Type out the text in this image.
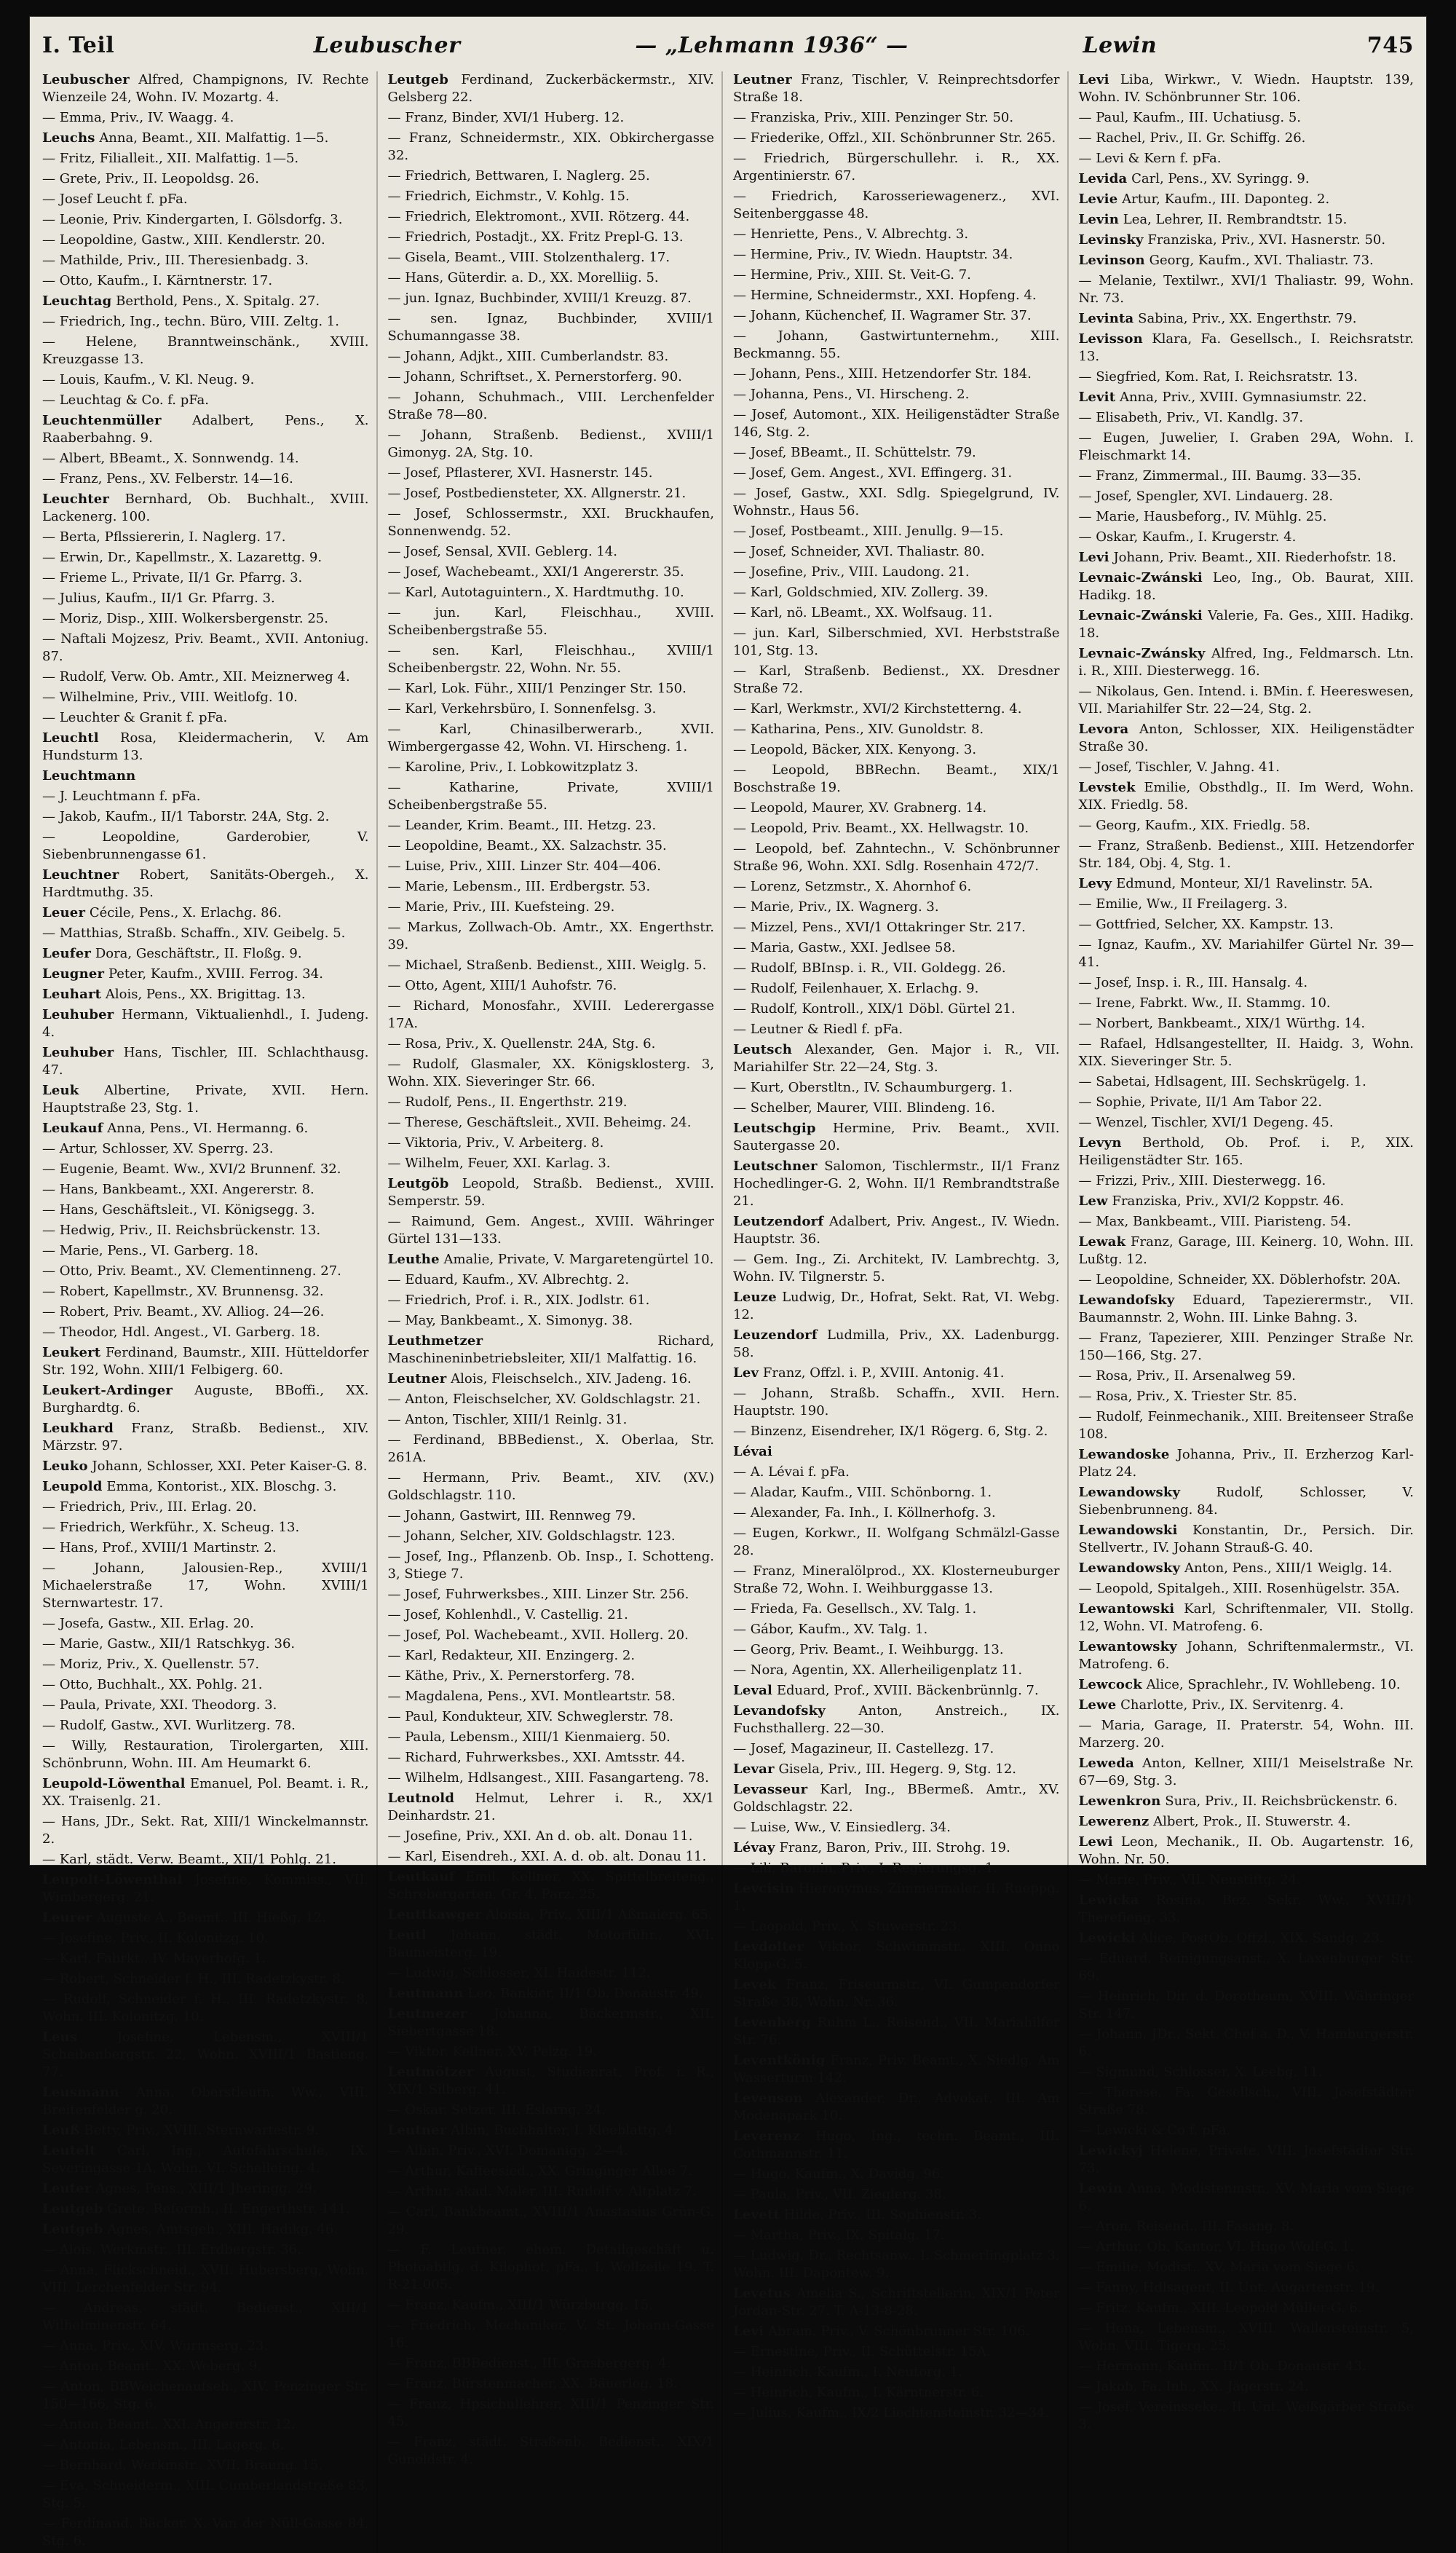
I. Teil	Leubuscher	— „Lehmann 1936“ —	Lewin	745
Leubuscher Alfred, Champignons, IV. Rechte Wienzeile 24, Wohn. IV. Mozartg. 4.
— Emma, Priv., IV. Waagg. 4.
Leuchs Anna, Beamt., XII. Malfattig. 1—5.
— Fritz, Filialleit., XII. Malfattig. 1—5.
— Grete, Priv., II. Leopoldsg. 26.
— Josef Leucht f. pFa.
— Leonie, Priv. Kindergarten, I. Gölsdorfg. 3.
— Leopoldine, Gastw., XIII. Kendlerstr. 20.
— Mathilde, Priv., III. Theresienbadg. 3.
— Otto, Kaufm., I. Kärntnerstr. 17.
Leuchtag Berthold, Pens., X. Spitalg. 27.
— Friedrich, Ing., techn. Büro, VIII. Zeltg. 1.
— Helene, Branntweinschänk., XVIII. Kreuzgasse 13.
— Louis, Kaufm., V. Kl. Neug. 9.
— Leuchtag & Co. f. pFa.
Leuchtenmüller Adalbert, Pens., X. Raaberbahng. 9.
— Albert, BBeamt., X. Sonnwendg. 14.
— Franz, Pens., XV. Felberstr. 14—16.
Leuchter Bernhard, Ob. Buchhalt., XVIII. Lackenerg. 100.
— Berta, Pflssiererin, I. Naglerg. 17.
— Erwin, Dr., Kapellmstr., X. Lazarettg. 9.
— Frieme L., Private, II/1 Gr. Pfarrg. 3.
— Julius, Kaufm., II/1 Gr. Pfarrg. 3.
— Moriz, Disp., XIII. Wolkersbergenstr. 25.
— Naftali Mojzesz, Priv. Beamt., XVII. Antoniug. 87.
— Rudolf, Verw. Ob. Amtr., XII. Meiznerweg 4.
— Wilhelmine, Priv., VIII. Weitlofg. 10.
— Leuchter & Granit f. pFa.
Leuchtl Rosa, Kleidermacherin, V. Am Hundsturm 13.
Leuchtmann
— J. Leuchtmann f. pFa.
— Jakob, Kaufm., II/1 Taborstr. 24A, Stg. 2.
— Leopoldine, Garderobier, V. Siebenbrunnengasse 61.
Leuchtner Robert, Sanitäts-Obergeh., X. Hardtmuthg. 35.
Leuer Cécile, Pens., X. Erlachg. 86.
— Matthias, Straßb. Schaffn., XIV. Geibelg. 5.
Leufer Dora, Geschäftstr., II. Floßg. 9.
Leugner Peter, Kaufm., XVIII. Ferrog. 34.
Leuhart Alois, Pens., XX. Brigittag. 13.
Leuhuber Hermann, Viktualienhdl., I. Judeng. 4.
Leuhuber Hans, Tischler, III. Schlachthausg. 47.
Leuk Albertine, Private, XVII. Hern. Hauptstraße 23, Stg. 1.
Leukauf Anna, Pens., VI. Hermanng. 6.
— Artur, Schlosser, XV. Sperrg. 23.
— Eugenie, Beamt. Ww., XVI/2 Brunnenf. 32.
— Hans, Bankbeamt., XXI. Angererstr. 8.
— Hans, Geschäftsleit., VI. Königsegg. 3.
— Hedwig, Priv., II. Reichsbrückenstr. 13.
— Marie, Pens., VI. Garberg. 18.
— Otto, Priv. Beamt., XV. Clementinneng. 27.
— Robert, Kapellmstr., XV. Brunnensg. 32.
— Robert, Priv. Beamt., XV. Alliog. 24—26.
— Theodor, Hdl. Angest., VI. Garberg. 18.
Leukert Ferdinand, Baumstr., XIII. Hütteldorfer Str. 192, Wohn. XIII/1 Felbigerg. 60.
Leukert-Ardinger Auguste, BBoffi., XX. Burghardtg. 6.
Leukhard Franz, Straßb. Bedienst., XIV. Märzstr. 97.
Leuko Johann, Schlosser, XXI. Peter Kaiser-G. 8.
Leupold Emma, Kontorist., XIX. Bloschg. 3.
— Friedrich, Priv., III. Erlag. 20.
— Friedrich, Werkführ., X. Scheug. 13.
— Hans, Prof., XVIII/1 Martinstr. 2.
— Johann, Jalousien-Rep., XVIII/1 Michaelerstraße 17, Wohn. XVIII/1 Sternwartestr. 17.
— Josefa, Gastw., XII. Erlag. 20.
— Marie, Gastw., XII/1 Ratschkyg. 36.
— Moriz, Priv., X. Quellenstr. 57.
— Otto, Buchhalt., XX. Pohlg. 21.
— Paula, Private, XXI. Theodorg. 3.
— Rudolf, Gastw., XVI. Wurlitzerg. 78.
— Willy, Restauration, Tirolergarten, XIII. Schönbrunn, Wohn. III. Am Heumarkt 6.
Leupold-Löwenthal Emanuel, Pol. Beamt. i. R., XX. Traisenlg. 21.
— Hans, JDr., Sekt. Rat, XIII/1 Winckelmannstr. 2.
— Karl, städt. Verw. Beamt., XII/1 Pohlg. 21.
Leupolt-Löwenthal Josefine, Kommiss., VII. Wimbergerg. 21.
Leurer Auguste A., Beamt., III. Hießg. 12.
— Josefine, Priv., II. Kolonitzg. 10.
— Karl, Fabrkt., IV. Mayerhofg. 1.
— Robert, Schneider f. H., III. Radetzkystr. 8.
— Rudolf, Schneider f. H., III. Radetzkystr. 8, Wohn. III. Kolonitzg. 10.
Leus	Josefine, Lebensm., XVIII/1 Scheibenbergstr. 22, Wohn. XVIII/1 Bastieng. 77.
Leusmann Anna, Oberstleutn. Ww., VIII. Breitenfelder g. 20.
Leuß Betty, Priv., XVIII. Sternwartestr. 9.
Leutelt Carl, Ing., Autofahrschule, IX. Severingasse 1A, Wohn. VI. Schelleing. 4.
Leuter Agnes, Pens., XIII/1 Jheringg. 29.
Leutgeb Grete, Reformh., II. Engerthstr. 141.
Leutgeb Agnes, Amtsgeh., XIII. Hadikg. 46.
— Alois, Werkmstr., III. Erdbergstr. 36.
— Anna, Flickschneid., XVII. Hubersberg, Wohn. VIII. Lerchenfelder Str. 94.
— Andreas, städt. Bedienst., XIII/1 Wilhelminenstr. 64.
— Anna, Priv., XIV. Wurmserg. 23.
— Anton, Beamt., XX. Weberg. 9.
— Anton, BBWeichenaufseh., XIV. Penzinger Str. 150—166, Stg. 6.
— Anton, Beamt., XXI. Angererstr. 12.
— Antonia, Lebensm., III. Lagerg. 6.
— Bernhard, Werkmstr., XVII. Braung. 15.
— Eva, Schneiderm., XIII. Cumberlandstraße 83, Stg. 5.
— Ferdinand, Bäcker, X. Van der Nüll-Gasse 84, Stg. 6.
Leutgeb Ferdinand, Zuckerbäckermstr., XIV. Gelsberg 22.
— Franz, Binder, XVI/1 Huberg. 12.
— Franz, Schneidermstr., XIX. Obkirchergasse 32.
— Friedrich, Bettwaren, I. Naglerg. 25.
— Friedrich, Eichmstr., V. Kohlg. 15.
— Friedrich, Elektromont., XVII. Rötzerg. 44.
— Friedrich, Postadjt., XX. Fritz Prepl-G. 13.
— Gisela, Beamt., VIII. Stolzenthalerg. 17.
— Hans, Güterdir. a. D., XX. Morelliig. 5.
— jun. Ignaz, Buchbinder, XVIII/1 Kreuzg. 87.
— sen. Ignaz, Buchbinder, XVIII/1 Schumanngasse 38.
— Johann, Adjkt., XIII. Cumberlandstr. 83.
— Johann, Schriftset., X. Pernerstorferg. 90.
— Johann, Schuhmach., VIII. Lerchenfelder Straße 78—80.
— Johann, Straßenb. Bedienst., XVIII/1 Gimonyg. 2A, Stg. 10.
— Josef, Pflasterer, XVI. Hasnerstr. 145.
— Josef, Postbediensteter, XX. Allgnerstr. 21.
— Josef, Schlossermstr., XXI. Bruckhaufen, Sonnenwendg. 52.
— Josef, Sensal, XVII. Geblerg. 14.
— Josef, Wachebeamt., XXI/1 Angererstr. 35.
— Karl, Autotaguintern., X. Hardtmuthg. 10.
— jun. Karl, Fleischhau., XVIII. Scheibenbergstraße 55.
— sen. Karl, Fleischhau., XVIII/1 Scheibenbergstr. 22, Wohn. Nr. 55.
— Karl, Lok. Führ., XIII/1 Penzinger Str. 150.
— Karl, Verkehrsbüro, I. Sonnenfelsg. 3.
— Karl, Chinasilberwerarb., XVII. Wimbergergasse 42, Wohn. VI. Hirscheng. 1.
— Karoline, Priv., I. Lobkowitzplatz 3.
— Katharine, Private, XVIII/1 Scheibenbergstraße 55.
— Leander, Krim. Beamt., III. Hetzg. 23.
— Leopoldine, Beamt., XX. Salzachstr. 35.
— Luise, Priv., XIII. Linzer Str. 404—406.
— Marie, Lebensm., III. Erdbergstr. 53.
— Marie, Priv., III. Kuefsteing. 29.
— Markus, Zollwach-Ob. Amtr., XX. Engerthstr. 39.
— Michael, Straßenb. Bedienst., XIII. Weiglg. 5.
— Otto, Agent, XIII/1 Auhofstr. 76.
— Richard, Monosfahr., XVIII. Lederergasse 17A.
— Rosa, Priv., X. Quellenstr. 24A, Stg. 6.
— Rudolf, Glasmaler, XX. Königsklosterg. 3, Wohn. XIX. Sieveringer Str. 66.
— Rudolf, Pens., II. Engerthstr. 219.
— Therese, Geschäftsleit., XVII. Beheimg. 24.
— Viktoria, Priv., V. Arbeiterg. 8.
— Wilhelm, Feuer, XXI. Karlag. 3.
Leutgöb Leopold, Straßb. Bedienst., XVIII. Semperstr. 59.
— Raimund, Gem. Angest., XVIII. Währinger Gürtel 131—133.
Leuthe Amalie, Private, V. Margaretengürtel 10.
— Eduard, Kaufm., XV. Albrechtg. 2.
— Friedrich, Prof. i. R., XIX. Jodlstr. 61.
— May, Bankbeamt., X. Simonyg. 38.
Leuthmetzer	Richard, Maschineninbetriebsleiter, XII/1 Malfattig. 16.
Leutner Alois, Fleischselch., XIV. Jadeng. 16.
— Anton, Fleischselcher, XV. Goldschlagstr. 21.
— Anton, Tischler, XIII/1 Reinlg. 31.
— Ferdinand, BBBedienst., X. Oberlaa, Str. 261A.
— Hermann, Priv. Beamt., XIV. (XV.) Goldschlagstr. 110.
— Johann, Gastwirt, III. Rennweg 79.
— Johann, Selcher, XIV. Goldschlagstr. 123.
— Josef, Ing., Pflanzenb. Ob. Insp., I. Schotteng. 3, Stiege 7.
— Josef, Fuhrwerksbes., XIII. Linzer Str. 256.
— Josef, Kohlenhdl., V. Castellig. 21.
— Josef, Pol. Wachebeamt., XVII. Hollerg. 20.
— Karl, Redakteur, XII. Enzingerg. 2.
— Käthe, Priv., X. Pernerstorferg. 78.
— Magdalena, Pens., XVI. Montleartstr. 58.
— Paul, Kondukteur, XIV. Schweglerstr. 78.
— Paula, Lebensm., XIII/1 Kienmaierg. 50.
— Richard, Fuhrwerksbes., XXI. Amtsstr. 44.
— Wilhelm, Hdlsangest., XIII. Fasangarteng. 78.
Leutnold Helmut, Lehrer i. R., XX/1 Deinhardstr. 21.
— Josefine, Priv., XXI. An d. ob. alt. Donau 11.
— Karl, Eisendreh., XXI. A. d. ob. alt. Donau 11.
Leutkauf Emil, Kellner, XX. Spittelbreiteng., Schrebergarten, Gr. 4, Parz. 25.
Leuttkawger Aloisia, Priv., XIII/1 Aßmaierg. 65.
Leutl Johann, städt. Motorführ., XVI. Baumeisterg. 19.
— Ludwig, Schlosser, XI. Haidestr. 112.
Leutmann Leo, Bankier, II/1 Ob. Donaustr. 49.
Leutmezer Johanna, Bäckermstr., XII. Siebertgasse 18.
— Viktor, Kellner, XV. Pelzg. 19.
Leutmötzer August, Studienrat, Prof. i. R., XIX/1 Silberg. 41.
— Oskar, Setzer, III. Eslarng. 24.
Leutner Albin, Buchhalter, I. Kleeblattg. 4.
— Albin, Priv., XVI. Domanigg. 2—4.
— Arthur, Kaffeesied., XX. Gringinger Allee 7.
— Arthur, akad. Maler, III. Rudolf v. Altplatz 7.
— Carl, Bankbeamt., XVIII/1 Anastasius Grün-G. 29.
— F. Leutner, ehem. Detailgeschäft u. Photoabtlg. d. Kilophot, pFa., I. Wollzeile 19. T. R-21.005.
— Franz, Kaufm., XIII/1 Würzburgg. 15.
— Friedrich, Mechaniker, V. St. Johann-Gasse 16.
— Franz, BBBedienst., III. Grasbergerg. 4.
— Franz, Bürstenmacher, XX. Bäuerleg. 18.
— Franz, Hpsichullehrer, XIII/1 Penzinger Str. 45.
— Franz, städt. Straßenb. Bedienst., XIX/1 Gunoldstr. 4.
Leutner Franz, Tischler, V. Reinprechtsdorfer Straße 18.
— Franziska, Priv., XIII. Penzinger Str. 50.
— Friederike, Offzl., XII. Schönbrunner Str. 265.
— Friedrich, Bürgerschullehr. i. R., XX. Argentinierstr. 67.
— Friedrich, Karosseriewagenerz., XVI. Seitenberggasse 48.
— Henriette, Pens., V. Albrechtg. 3.
— Hermine, Priv., IV. Wiedn. Hauptstr. 34.
— Hermine, Priv., XIII. St. Veit-G. 7.
— Hermine, Schneidermstr., XXI. Hopfeng. 4.
— Johann, Küchenchef, II. Wagramer Str. 37.
— Johann, Gastwirtunternehm., XIII. Beckmanng. 55.
— Johann, Pens., XIII. Hetzendorfer Str. 184.
— Johanna, Pens., VI. Hirscheng. 2.
— Josef, Automont., XIX. Heiligenstädter Straße 146, Stg. 2.
— Josef, BBeamt., II. Schüttelstr. 79.
— Josef, Gem. Angest., XVI. Effingerg. 31.
— Josef, Gastw., XXI. Sdlg. Spiegelgrund, IV. Wohnstr., Haus 56.
— Josef, Postbeamt., XIII. Jenullg. 9—15.
— Josef, Schneider, XVI. Thaliastr. 80.
— Josefine, Priv., VIII. Laudong. 21.
— Karl, Goldschmied, XIV. Zollerg. 39.
— Karl, nö. LBeamt., XX. Wolfsaug. 11.
— jun. Karl, Silberschmied, XVI. Herbststraße 101, Stg. 13.
— Karl, Straßenb. Bedienst., XX. Dresdner Straße 72.
— Karl, Werkmstr., XVI/2 Kirchstetterng. 4.
— Katharina, Pens., XIV. Gunoldstr. 8.
— Leopold, Bäcker, XIX. Kenyong. 3.
— Leopold, BBRechn. Beamt., XIX/1 Boschstraße 19.
— Leopold, Maurer, XV. Grabnerg. 14.
— Leopold, Priv. Beamt., XX. Hellwagstr. 10.
— Leopold, bef. Zahntechn., V. Schönbrunner Straße 96, Wohn. XXI. Sdlg. Rosenhain 472/7.
— Lorenz, Setzmstr., X. Ahornhof 6.
— Marie, Priv., IX. Wagnerg. 3.
— Mizzel, Pens., XVI/1 Ottakringer Str. 217.
— Maria, Gastw., XXI. Jedlsee 58.
— Rudolf, BBInsp. i. R., VII. Goldegg. 26.
— Rudolf, Feilenhauer, X. Erlachg. 9.
— Rudolf, Kontroll., XIX/1 Döbl. Gürtel 21.
— Leutner & Riedl f. pFa.
Leutsch Alexander, Gen. Major i. R., VII. Mariahilfer Str. 22—24, Stg. 3.
— Kurt, Oberstltn., IV. Schaumburgerg. 1.
— Schelber, Maurer, VIII. Blindeng. 16.
Leutschgip Hermine, Priv. Beamt., XVII. Sautergasse 20.
Leutschner Salomon, Tischlermstr., II/1 Franz Hochedlinger-G. 2, Wohn. II/1 Rembrandtstraße 21.
Leutzendorf Adalbert, Priv. Angest., IV. Wiedn. Hauptstr. 36.
— Gem. Ing., Zi. Architekt, IV. Lambrechtg. 3, Wohn. IV. Tilgnerstr. 5.
Leuze Ludwig, Dr., Hofrat, Sekt. Rat, VI. Webg. 12.
Leuzendorf Ludmilla, Priv., XX. Ladenburgg. 58.
Lev Franz, Offzl. i. P., XVIII. Antonig. 41.
— Johann, Straßb. Schaffn., XVII. Hern. Hauptstr. 190.
— Binzenz, Eisendreher, IX/1 Rögerg. 6, Stg. 2.
Lévai
— A. Lévai f. pFa.
— Aladar, Kaufm., VIII. Schönborng. 1.
— Alexander, Fa. Inh., I. Köllnerhofg. 3.
— Eugen, Korkwr., II. Wolfgang Schmälzl-Gasse 28.
— Franz, Mineralölprod., XX. Klosterneuburger Straße 72, Wohn. I. Weihburggasse 13.
— Frieda, Fa. Gesellsch., XV. Talg. 1.
— Gábor, Kaufm., XV. Talg. 1.
— Georg, Priv. Beamt., I. Weihburgg. 13.
— Nora, Agentin, XX. Allerheiligenplatz 11.
Leval Eduard, Prof., XVIII. Bäckenbrünnlg. 7.
Levandofsky	Anton, Anstreich., IX. Fuchsthallerg. 22—30.
— Josef, Magazineur, II. Castellezg. 17.
Levar Gisela, Priv., III. Hegerg. 9, Stg. 12.
Levasseur Karl, Ing., BBermeß. Amtr., XV. Goldschlagstr. 22.
— Luise, Ww., V. Einsiedlerg. 34.
Lévay Franz, Baron, Priv., III. Strohg. 19.
— Lili, Baronin, Priv., I. Regierungsg. 1.
Levcisin Hieronymus, Zimmermaler, II. Rueppg. 1.
— Leopold, Priv., X. Stuwerstr. 23.
Levdolter Viktor, Schwimmstr., XIII. Onno Klopp-G. 5.
Levek Franz, Friseurmstr., VI. Gumpendorfer Straße 38, Wohn. Nr. 36.
Levenberg Ruhm L., Reisend., VII. Mariahilfer Str. 76.
Leventkönig Franz, Priv. Beamt., X. Siedlg. Am Wasserturm 142.
Levenson Alexander, Dr., Advokat, III. Am Modenapark 10.
Leverenz Hugo, Ing., techn. Beamt., III. Cothmannstr. 11.
— Hugo, Kaufm., X. Davidg. 96.
— Paula, Priv., VII. Zieglerg. 38.
Levett Hilde, Priv., III. Sophienstr. 3.
— Martha, Priv., IX. Spitalg. 17.
— Ludwig, Dr., Rechtsanw., I. Schmerlingplatz 3, Wohn. III. Dapontew. 9.
Levetus Amelia S., Schriftstellerin, XIX/1 Peter Jordan-Str. 27. T. A-13-8-28.
Levi Abram, Priv., V. Schönbrunner Str. 106.
— Ernestine, Priv., II. Schüttelstr. 15A.
— Heinrich, Kaufm., I. Neutorg. 1.
— Heinrich, Kaufm., I. Kärntnerstr. 6.
— Julius, Kaufm., IX/2 Liechtensteinstr. 32—34.
Levi Liba, Wirkwr., V. Wiedn. Hauptstr. 139, Wohn. IV. Schönbrunner Str. 106.
— Paul, Kaufm., III. Uchatiusg. 5.
— Rachel, Priv., II. Gr. Schiffg. 26.
— Levi & Kern f. pFa.
Levida Carl, Pens., XV. Syringg. 9.
Levie Artur, Kaufm., III. Daponteg. 2.
Levin Lea, Lehrer, II. Rembrandtstr. 15.
Levinsky Franziska, Priv., XVI. Hasnerstr. 50.
Levinson Georg, Kaufm., XVI. Thaliastr. 73.
— Melanie, Textilwr., XVI/1 Thaliastr. 99, Wohn. Nr. 73.
Levinta Sabina, Priv., XX. Engerthstr. 79.
Levisson Klara, Fa. Gesellsch., I. Reichsratstr. 13.
— Siegfried, Kom. Rat, I. Reichsratstr. 13.
Levit Anna, Priv., XVIII. Gymnasiumstr. 22.
— Elisabeth, Priv., VI. Kandlg. 37.
— Eugen, Juwelier, I. Graben 29A, Wohn. I. Fleischmarkt 14.
— Franz, Zimmermal., III. Baumg. 33—35.
— Josef, Spengler, XVI. Lindauerg. 28.
— Marie, Hausbeforg., IV. Mühlg. 25.
— Oskar, Kaufm., I. Krugerstr. 4.
Levi Johann, Priv. Beamt., XII. Riederhofstr. 18.
Levnaic-Zwánski Leo, Ing., Ob. Baurat, XIII. Hadikg. 18.
Levnaic-Zwánski Valerie, Fa. Ges., XIII. Hadikg. 18.
Levnaic-Zwánsky Alfred, Ing., Feldmarsch. Ltn. i. R., XIII. Diesterwegg. 16.
— Nikolaus, Gen. Intend. i. BMin. f. Heereswesen, VII. Mariahilfer Str. 22—24, Stg. 2.
Levora Anton, Schlosser, XIX. Heiligenstädter Straße 30.
— Josef, Tischler, V. Jahng. 41.
Levstek Emilie, Obsthdlg., II. Im Werd, Wohn. XIX. Friedlg. 58.
— Georg, Kaufm., XIX. Friedlg. 58.
— Franz, Straßenb. Bedienst., XIII. Hetzendorfer Str. 184, Obj. 4, Stg. 1.
Levy Edmund, Monteur, XI/1 Ravelinstr. 5A.
— Emilie, Ww., II Freilagerg. 3.
— Gottfried, Selcher, XX. Kampstr. 13.
— Ignaz, Kaufm., XV. Mariahilfer Gürtel Nr. 39—41.
— Josef, Insp. i. R., III. Hansalg. 4.
— Irene, Fabrkt. Ww., II. Stammg. 10.
— Norbert, Bankbeamt., XIX/1 Würthg. 14.
— Rafael, Hdlsangestellter, II. Haidg. 3, Wohn. XIX. Sieveringer Str. 5.
— Sabetai, Hdlsagent, III. Sechskrügelg. 1.
— Sophie, Private, II/1 Am Tabor 22.
— Wenzel, Tischler, XVI/1 Degeng. 45.
Levyn Berthold, Ob. Prof. i. P., XIX. Heiligenstädter Str. 165.
— Frizzi, Priv., XIII. Diesterwegg. 16.
Lew Franziska, Priv., XVI/2 Koppstr. 46.
— Max, Bankbeamt., VIII. Piaristeng. 54.
Lewak Franz, Garage, III. Keinerg. 10, Wohn. III. Lußtg. 12.
— Leopoldine, Schneider, XX. Döblerhofstr. 20A.
Lewandofsky Eduard, Tapezierermstr., VII. Baumannstr. 2, Wohn. III. Linke Bahng. 3.
— Franz, Tapezierer, XIII. Penzinger Straße Nr. 150—166, Stg. 27.
— Rosa, Priv., II. Arsenalweg 59.
— Rosa, Priv., X. Triester Str. 85.
— Rudolf, Feinmechanik., XIII. Breitenseer Straße 108.
Lewandoske Johanna, Priv., II. Erzherzog Karl-Platz 24.
Lewandowsky	Rudolf, Schlosser, V. Siebenbrunneng. 84.
Lewandowski Konstantin, Dr., Persich. Dir. Stellvertr., IV. Johann Strauß-G. 40.
Lewandowsky Anton, Pens., XIII/1 Weiglg. 14.
— Leopold, Spitalgeh., XIII. Rosenhügelstr. 35A.
Lewantowski Karl, Schriftenmaler, VII. Stollg. 12, Wohn. VI. Matrofeng. 6.
Lewantowsky Johann, Schriftenmalermstr., VI. Matrofeng. 6.
Lewcock Alice, Sprachlehr., IV. Wohllebeng. 10.
Lewe Charlotte, Priv., IX. Servitenrg. 4.
— Maria, Garage, II. Praterstr. 54, Wohn. III. Marzerg. 20.
Leweda Anton, Kellner, XIII/1 Meiselstraße Nr. 67—69, Stg. 3.
Lewenkron Sura, Priv., II. Reichsbrückenstr. 6.
Lewerenz Albert, Prok., II. Stuwerstr. 4.
Lewi Leon, Mechanik., II. Ob. Augartenstr. 16, Wohn. Nr. 50.
— Marie, Priv., VII. Neustiftg. 24.
Lewicka Rosina, Bez. Sekr. Ww., XVIII/1 Thereſieng. 33.
Lewicki Alice, PostOb. Offzl., XIX. Sandg. 23.
— Eduard, Reinigungsanst., X. Laxenburger Str. 69.
— Heinrich, Dir. d. Dorotheum, XVIII. Währinger Str. 147.
— Johann, JDr., Sekt. Chef a. D., V. Hamburgerstr. 6.
— Sigmund, Schlosser, X. Leebg. 11.
— Therese, Fa. Gesellsch., VIII. Josefstädter Straße 78.
— Lewicki & Co f. pFa.
Lewickyj Helene, Private, VIII. Josefstädter Str. 73.
Lewin Anna, Modistenmstr., XV. Maria vom Siege 6.
— Aron, Reisend., III. Fasang. 8.
— Arthur, Ob. Kantor, VI. Hugo Wolf-G. 1.
— Emilie, Modist., XV. Maria vom Siege 6.
— Fanny, Hdlsagent, II. Unt. Augartenstr. 19.
— Fritz, Kaufm., XIII. Leopold Müller-G. 6.
— Hena, Lebensm., XVIII. Wallensteinstr. 5, Wohn. VIII. Tigerg. 25.
— Hermann, Kaufm., II/1 Ob. Donaustr. 43.
— Jakob, Fa. Inh., XX. Jägerstr. 24.
— Josef, Vereinsseke., II. Unt. Weißgärber Straße 3.
